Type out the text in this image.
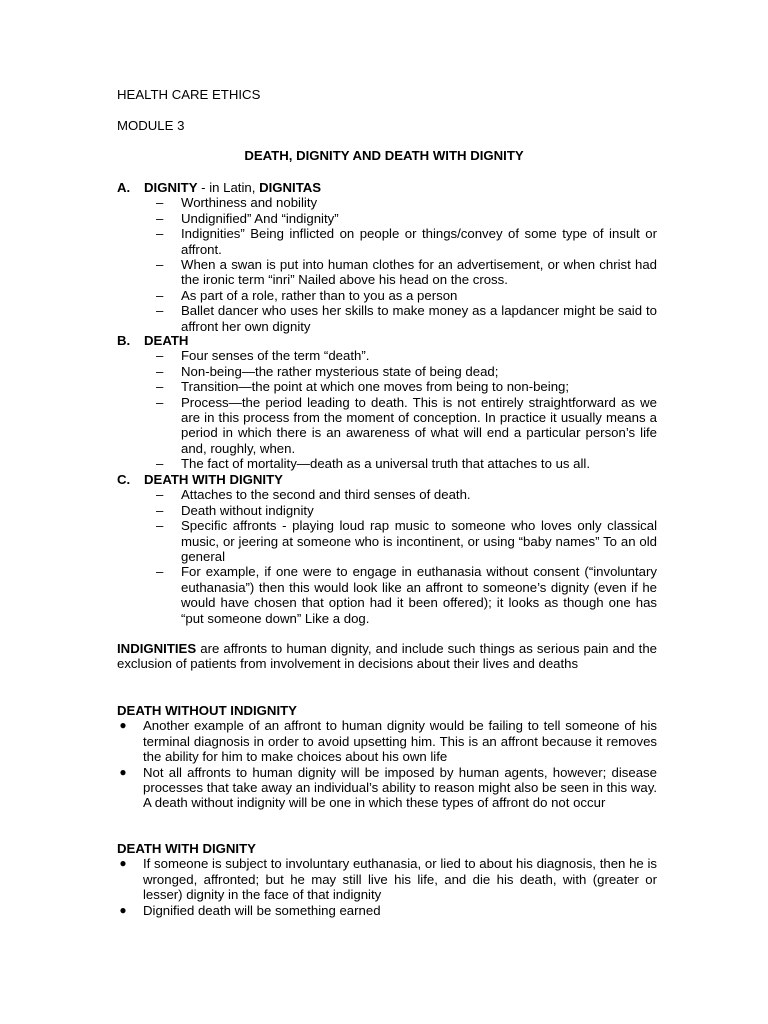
HEALTH CARE ETHICS
MODULE 3
DEATH, DIGNITY AND DEATH WITH DIGNITY
A.	DIGNITY - in Latin, DIGNITAS
– Worthiness and nobility
– Undignified” And “indignity”
– Indignities” Being inflicted on people or things/convey of some type of insult or affront.
– When a swan is put into human clothes for an advertisement, or when christ had the ironic term “inri” Nailed above his head on the cross.
– As part of a role, rather than to you as a person
– Ballet dancer who uses her skills to make money as a lapdancer might be said to affront her own dignity
B.	DEATH
– Four senses of the term “death”.
– Non-being—the rather mysterious state of being dead;
– Transition—the point at which one moves from being to non-being;
– Process—the period leading to death. This is not entirely straightforward as we are in this process from the moment of conception. In practice it usually means a period in which there is an awareness of what will end a particular person’s life and, roughly, when.
– The fact of mortality—death as a universal truth that attaches to us all.
C.	DEATH WITH DIGNITY
– Attaches to the second and third senses of death.
– Death without indignity
– Specific affronts - playing loud rap music to someone who loves only classical music, or jeering at someone who is incontinent, or using “baby names” To an old general
– For example, if one were to engage in euthanasia without consent (“involuntary euthanasia”) then this would look like an affront to someone’s dignity (even if he would have chosen that option had it been offered); it looks as though one has “put someone down” Like a dog.
INDIGNITIES are affronts to human dignity, and include such things as serious pain and the exclusion of patients from involvement in decisions about their lives and deaths
DEATH WITHOUT INDIGNITY
● Another example of an affront to human dignity would be failing to tell someone of his terminal diagnosis in order to avoid upsetting him. This is an affront because it removes the ability for him to make choices about his own life
● Not all affronts to human dignity will be imposed by human agents, however; disease processes that take away an individual’s ability to reason might also be seen in this way. A death without indignity will be one in which these types of affront do not occur
DEATH WITH DIGNITY
● If someone is subject to involuntary euthanasia, or lied to about his diagnosis, then he is wronged, affronted; but he may still live his life, and die his death, with (greater or lesser) dignity in the face of that indignity
● Dignified death will be something earned
